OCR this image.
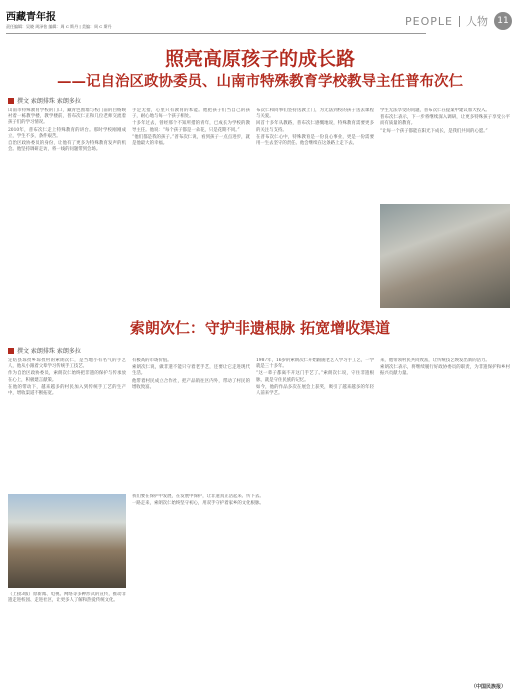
西藏青年报
责任编辑：吴晓 周泽怡 编辑：周 C 斯丹 | 美编：周 C 斯丹	PEOPLE 人物	11
照亮高原孩子的成长路
——记自治区政协委员、山南市特殊教育学校教导主任普布次仁
撰文 索朗排珠 索朗多拉

山南市特殊教育学校的门口，藏青色围墙与校门前的白杨映衬着一栋教学楼，教学楼前，普布次仁正和几位老师交流着孩子们的学习情况。

2010年，普布次仁走上特殊教育的讲台。那时学校刚刚成立，学生不多，条件艰苦。

自治区政协委员的身份，让他有了更多为特殊教育发声的机会。他坚持调研走访，将一线的问题带到会场。

手足无措，心里只有教育的本能。他把孩子们当自己的孩子，耐心地与每一个孩子相处。

十多年过去，曾经那个不知所措的青年，已成长为学校的教导主任。他说：“每个孩子都是一朵花，只是花期不同。”

“他们都是我的孩子。”普布次仁说，看到孩子一点点进步，就是他最大的幸福。

布次仁和同事们坚持送教上门，为无法到校的孩子送去课程与关爱。

回首十多年从教路，普布次仁感慨地说，特殊教育需要更多的关注与支持。

在普布次仁心中，特殊教育是一份良心事业，更是一份需要用一生去坚守的责任。他会继续在这条路上走下去。

学生无法享受的问题，普布次仁在提案中建议加大投入。

普布次仁表示，下一步将继续深入调研，让更多特殊孩子享受公平而有质量的教育。

“让每一个孩子都能在阳光下成长，是我们共同的心愿。”

索朗次仁：守护非遗根脉 拓宽增收渠道
撰文 索朗排珠 索朗多拉

定结县琼孜乡琼孜村的索朗次仁，是当地小有名气的手艺人，他从小跟着父辈学习传统手工技艺。

作为自治区政协委员，索朗次仁始终把非遗的保护与传承放在心上，积极建言献策。

在他的带动下，越来越多的村民加入到传统手工艺的生产中，增收渠道不断拓宽。

有极高的市场价值。

索朗次仁说，做非遗不能只守着老手艺，还要让它走进现代生活。

他带着村民成立合作社，把产品销往区内外，带动了村民的增收致富。

1987年，16岁的索朗次仁开始跟随老艺人学习手工艺，一学就是三十多年。

“这一辈子都离不开这门手艺了。”索朗次仁说，守住非遗根脉，就是守住民族的记忆。

如今，他的作品多次在展会上获奖，吸引了越来越多的年轻人前来学艺。

来，他带领村民共同致富，让传统技艺焕发出新的活力。

索朗次仁表示，将继续履行好政协委员的职责，为非遗保护和乡村振兴贡献力量。

（上接3版）原新闻、电视、网络等多种形式的宣传，推动非遗走进校园、走进社区，让更多人了解和热爱传统文化。

我们要在保护中发展，在发展中保护，让非遗真正活起来、传下去。

一路走来，索朗次仁始终坚守初心，用双手守护着家乡的文化根脉。

（中国民族报）
